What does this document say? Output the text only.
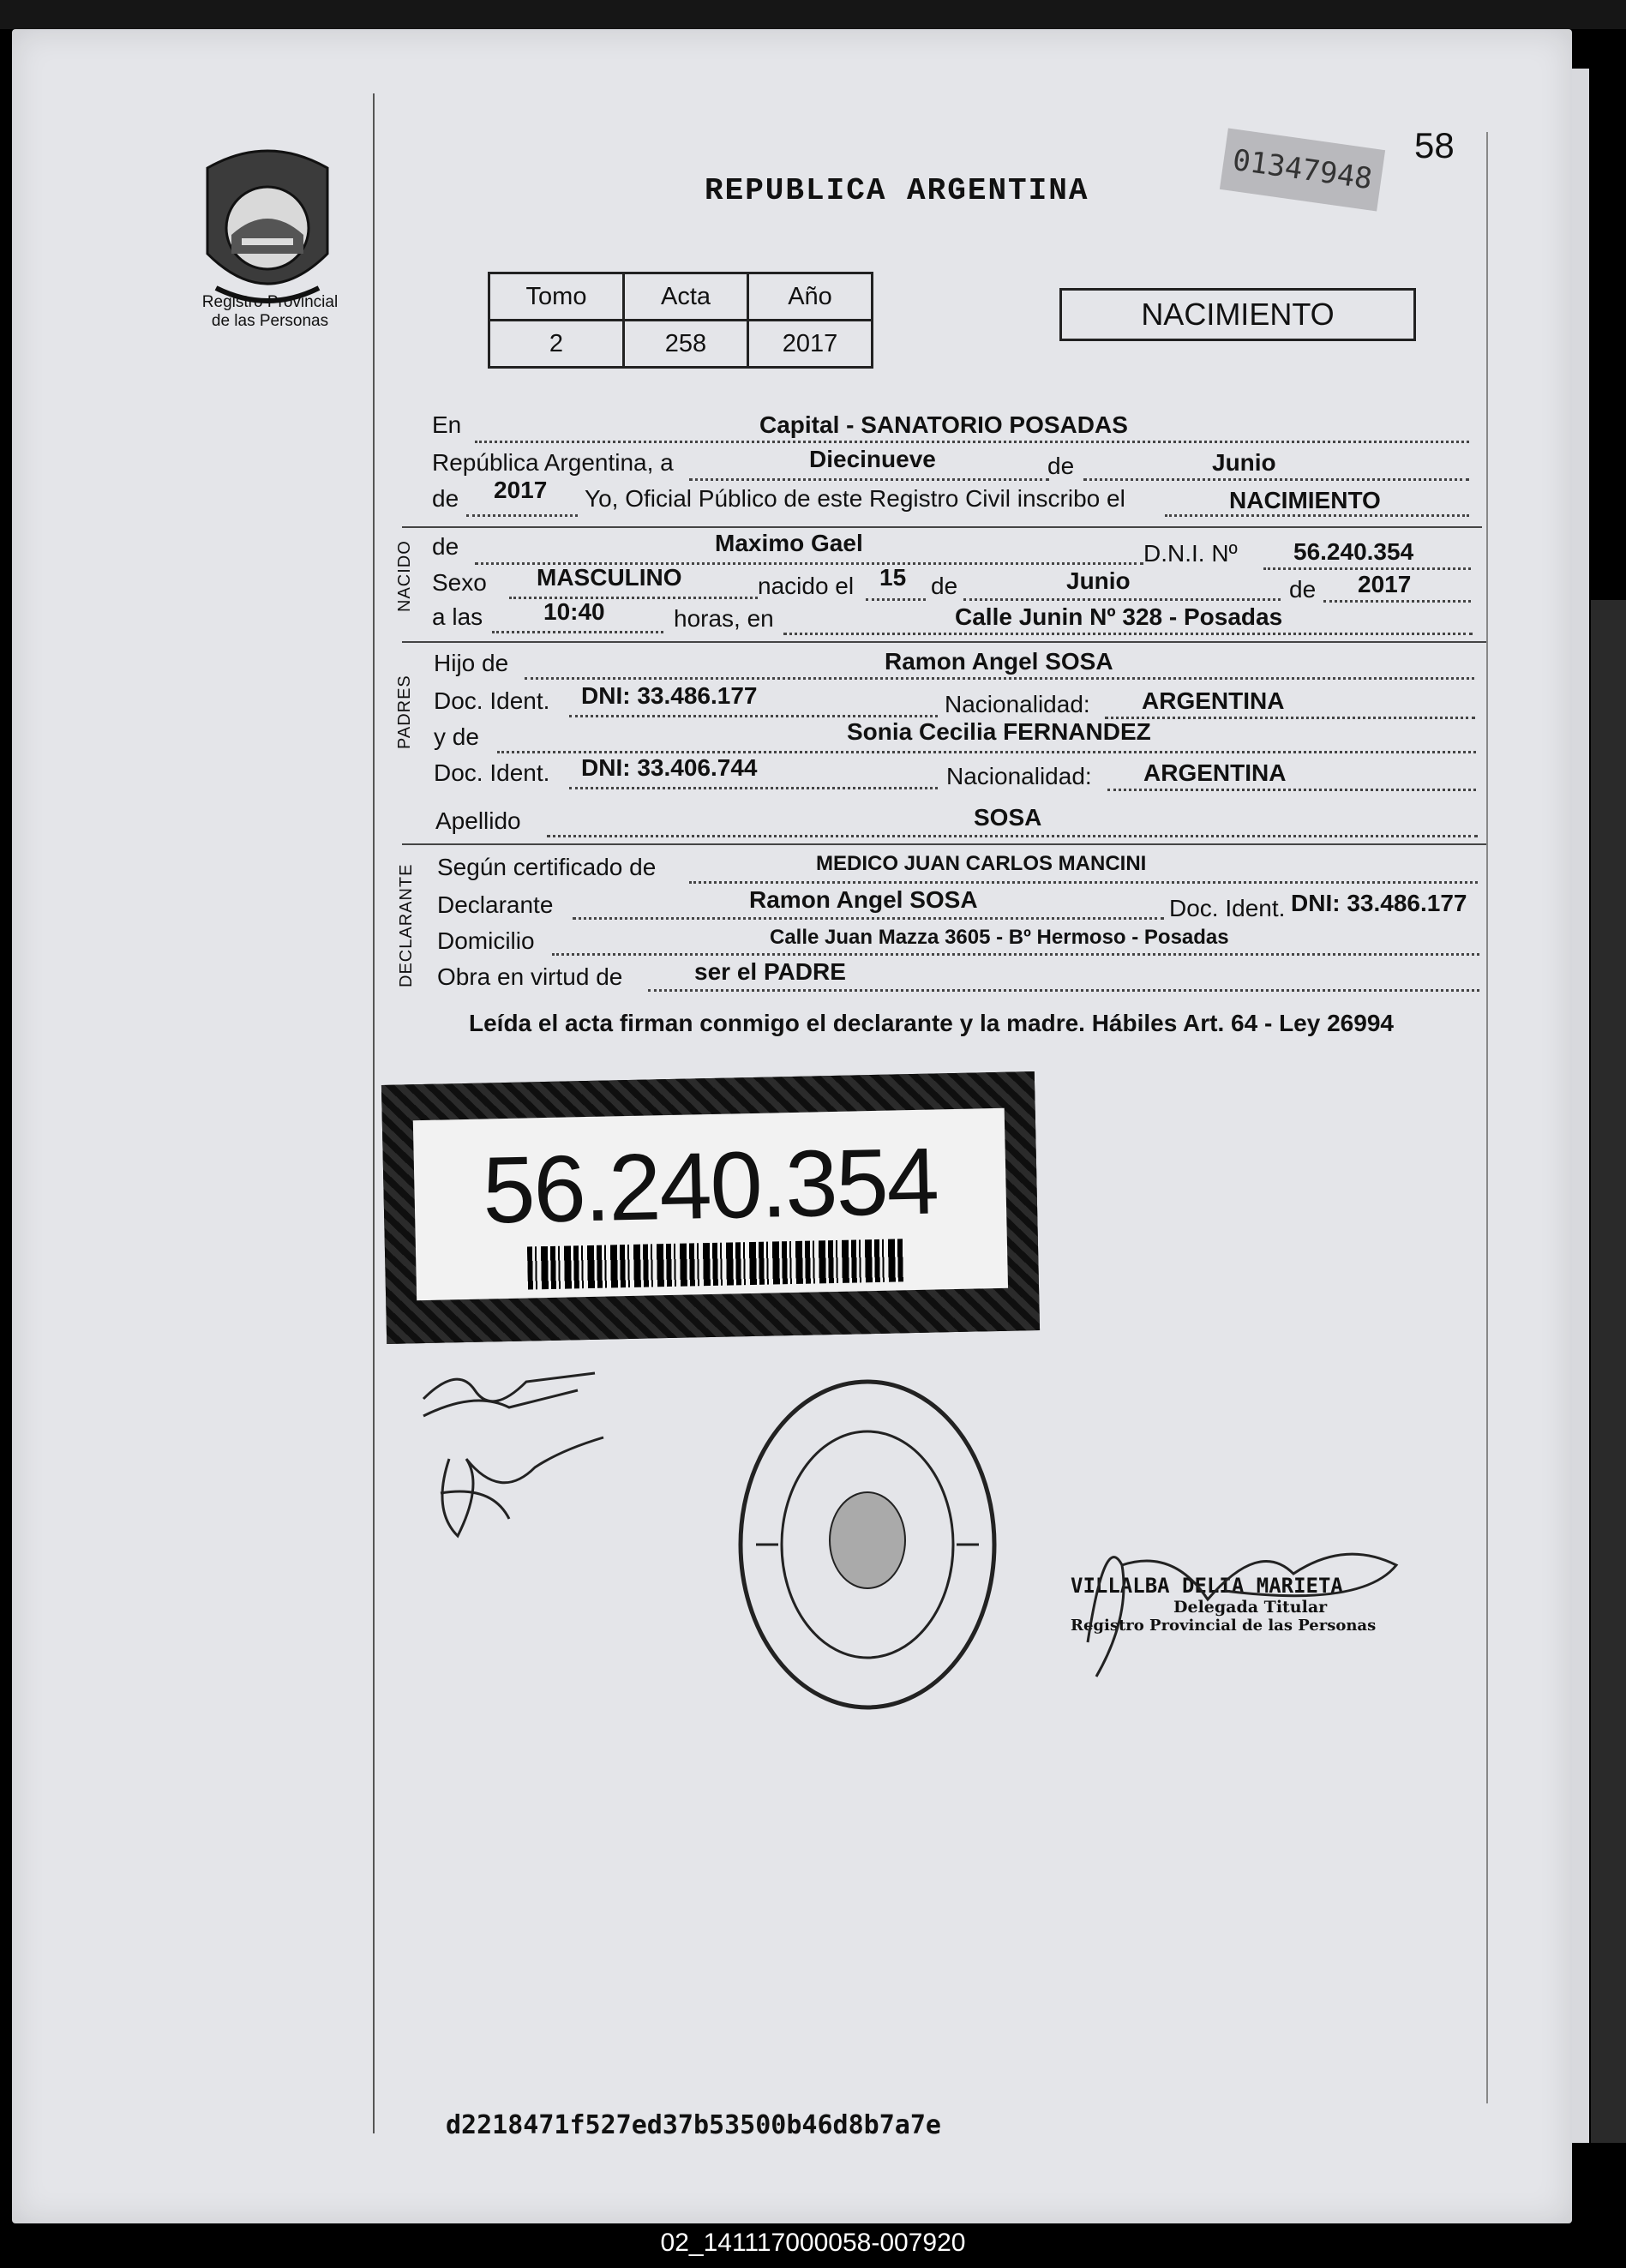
Registro Provincial
de las Personas
01347948	58
REPUBLICA ARGENTINA
Tomo	Acta	Año
2	258	2017
NACIMIENTO
En	Capital - SANATORIO POSADAS
República Argentina, a	Diecinueve	de	Junio
de 2017 Yo, Oficial Público de este Registro Civil inscribo el	NACIMIENTO
NACIDO de	Maximo Gael	D.N.I. Nº 56.240.354
Sexo MASCULINO	nacido el 15 de	Junio	de 2017
a las	10:40	horas, en	Calle Junin Nº 328 - Posadas
PADRES
Hijo de	Ramon Angel SOSA
Doc. Ident. DNI: 33.486.177	Nacionalidad: ARGENTINA
y de	Sonia Cecilia FERNANDEZ
Doc. Ident. DNI: 33.406.744	Nacionalidad: ARGENTINA
Apellido	SOSA
DECLARANTE Según certificado de	MEDICO JUAN CARLOS MANCINI
Declarante	Ramon Angel SOSA	Doc. Ident. DNI: 33.486.177
Domicilio	Calle Juan Mazza 3605 - Bº Hermoso - Posadas
Obra en virtud de	ser el PADRE
Leída el acta firman conmigo el declarante y la madre. Hábiles Art. 64 - Ley 26994
56.240.354
VILLALBA DELIA MARIETA
Delegada Titular
Registro Provincial de las Personas
d2218471f527ed37b53500b46d8b7a7e
02_141117000058-007920
